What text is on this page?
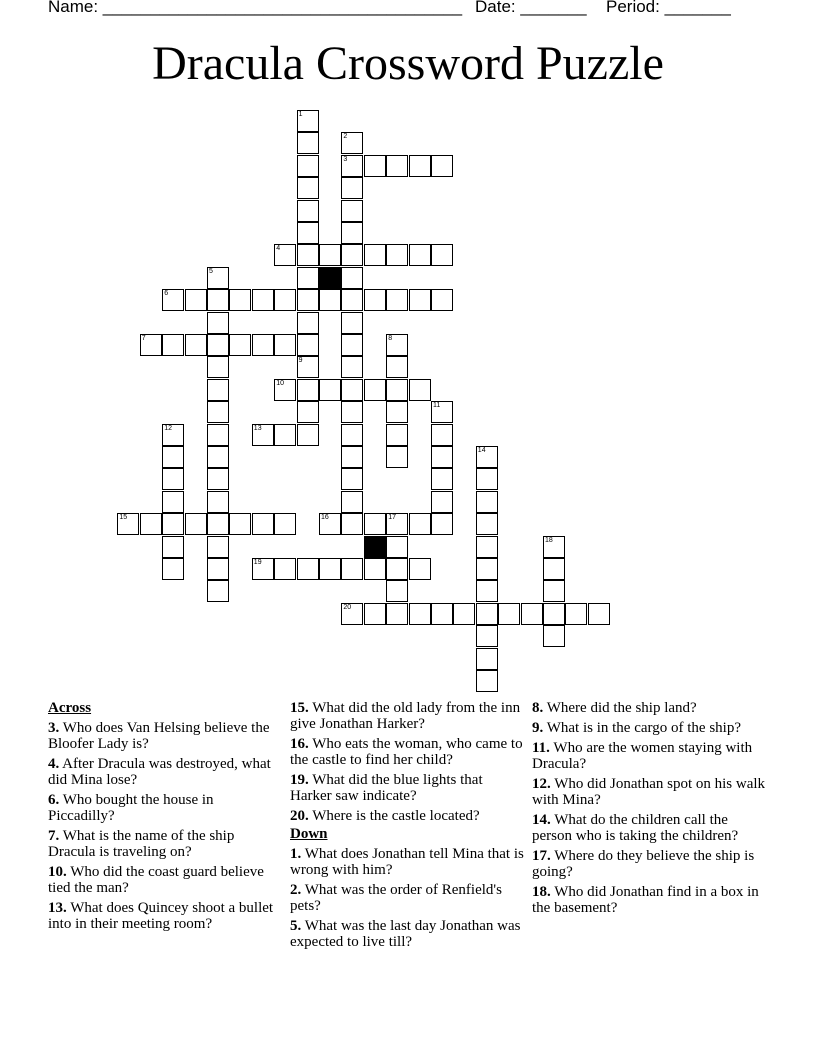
Name: ______________________________________ Date: _______ Period: _______
Dracula Crossword Puzzle
1
9
2
3
4
5
6
7	8
10
11
12	13
14
15	16	17
18
19
20
Across
3. Who does Van Helsing believe the Bloofer Lady is?
4. After Dracula was destroyed, what did Mina lose?
6. Who bought the house in Piccadilly?
7. What is the name of the ship Dracula is traveling on?
10. Who did the coast guard believe tied the man?
13. What does Quincey shoot a bullet into in their meeting room?
15. What did the old lady from the inn give Jonathan Harker?
16. Who eats the woman, who came to the castle to find her child?
19. What did the blue lights that Harker saw indicate?
20. Where is the castle located?
Down
1. What does Jonathan tell Mina that is wrong with him?
2. What was the order of Renfield's pets?
5. What was the last day Jonathan was expected to live till?
8. Where did the ship land?
9. What is in the cargo of the ship?
11. Who are the women staying with Dracula?
12. Who did Jonathan spot on his walk with Mina?
14. What do the children call the person who is taking the children?
17. Where do they believe the ship is going?
18. Who did Jonathan find in a box in the basement?
